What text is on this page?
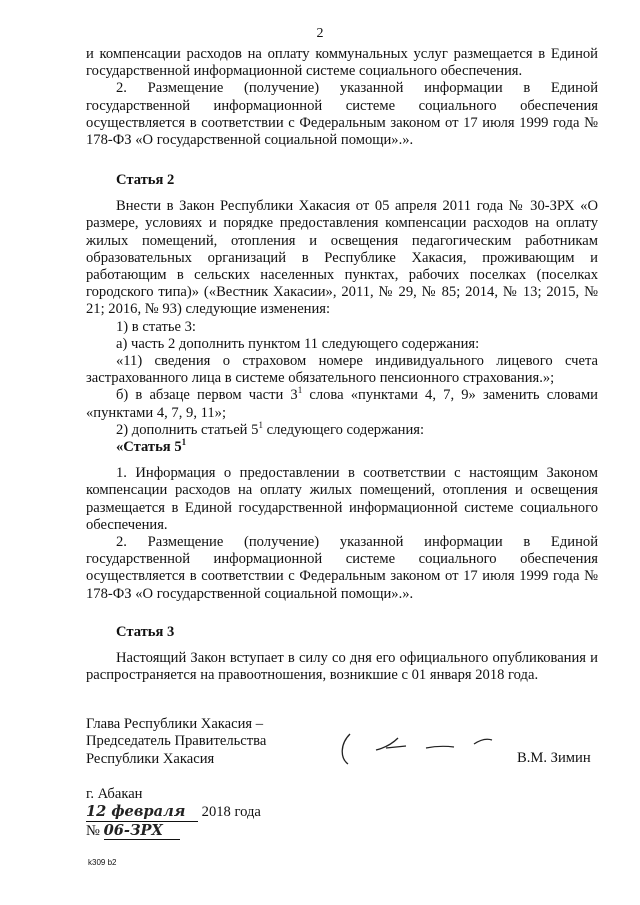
2

и компенсации расходов на оплату коммунальных услуг размещается в Единой государственной информационной системе социального обеспечения.

2. Размещение (получение) указанной информации в Единой государственной информационной системе социального обеспечения осуществляется в соответствии с Федеральным законом от 17 июля 1999 года № 178-ФЗ «О государственной социальной помощи».».

Статья 2

Внести в Закон Республики Хакасия от 05 апреля 2011 года № 30-ЗРХ «О размере, условиях и порядке предоставления компенсации расходов на оплату жилых помещений, отопления и освещения педагогическим работникам образовательных организаций в Республике Хакасия, проживающим и работающим в сельских населенных пунктах, рабочих поселках (поселках городского типа)» («Вестник Хакасии», 2011, № 29, № 85; 2014, № 13; 2015, № 21; 2016, № 93) следующие изменения:

1) в статье 3:

а) часть 2 дополнить пунктом 11 следующего содержания:

«11) сведения о страховом номере индивидуального лицевого счета застрахованного лица в системе обязательного пенсионного страхования.»;

б) в абзаце первом части $3^1$ слова «пунктами 4, 7, 9» заменить словами «пунктами 4, 7, 9, 11»;

2) дополнить статьей $5^1$ следующего содержания:

«Статья $5^1$

1. Информация о предоставлении в соответствии с настоящим Законом компенсации расходов на оплату жилых помещений, отопления и освещения размещается в Единой государственной информационной системе социального обеспечения.

2. Размещение (получение) указанной информации в Единой государственной информационной системе социального обеспечения осуществляется в соответствии с Федеральным законом от 17 июля 1999 года № 178-ФЗ «О государственной социальной помощи».».

Статья 3

Настоящий Закон вступает в силу со дня его официального опубликования и распространяется на правоотношения, возникшие с 01 января 2018 года.

Глава Республики Хакасия –
Председатель Правительства
Республики Хакасия	В.М. Зимин
г. Абакан
12 февраля 2018 года
№ 06-ЗРХ
k309 b2
